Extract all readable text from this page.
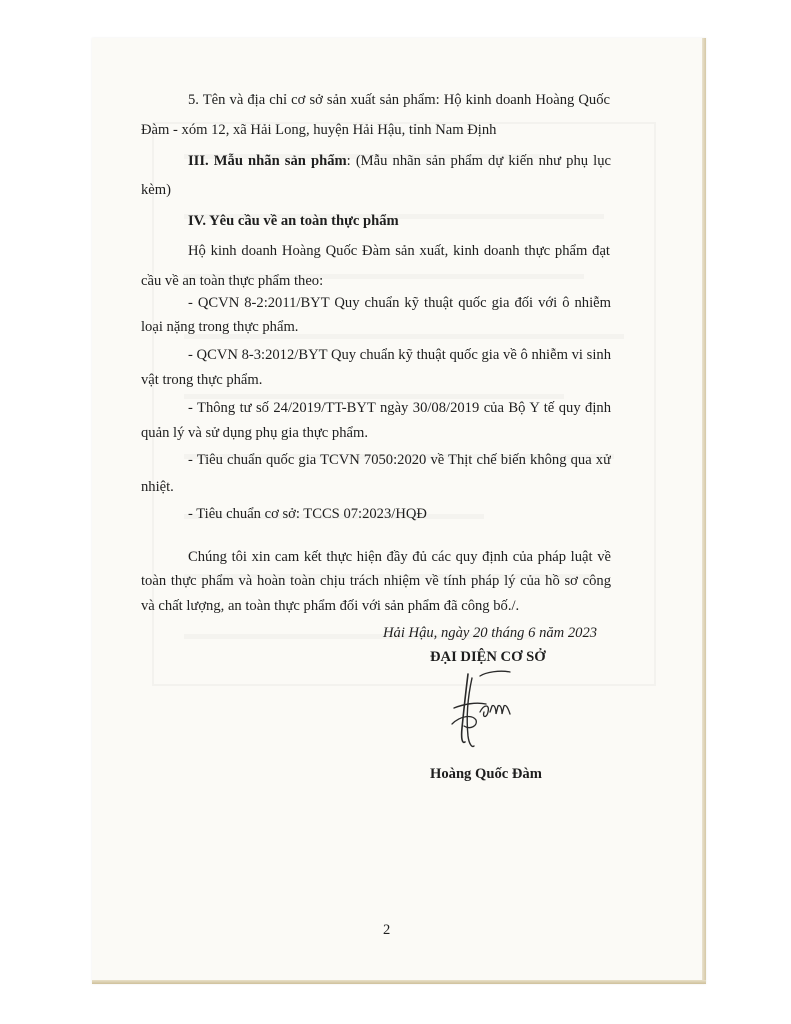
5. Tên và địa chỉ cơ sở sản xuất sản phẩm: Hộ kinh doanh Hoàng Quốc
Đàm - xóm 12, xã Hải Long, huyện Hải Hậu, tỉnh Nam Định
III. Mẫu nhãn sản phẩm: (Mẫu nhãn sản phẩm dự kiến như phụ lục
kèm)
IV. Yêu cầu về an toàn thực phẩm
Hộ kinh doanh Hoàng Quốc Đàm sản xuất, kinh doanh thực phẩm đạt
cầu về an toàn thực phẩm theo:
- QCVN 8-2:2011/BYT Quy chuẩn kỹ thuật quốc gia đối với ô nhiễm
loại nặng trong thực phẩm.
- QCVN 8-3:2012/BYT Quy chuẩn kỹ thuật quốc gia về ô nhiễm vi sinh
vật trong thực phẩm.
- Thông tư số 24/2019/TT-BYT ngày 30/08/2019 của Bộ Y tế quy định
quản lý và sử dụng phụ gia thực phẩm.
- Tiêu chuẩn quốc gia TCVN 7050:2020 về Thịt chế biến không qua xử
nhiệt.
- Tiêu chuẩn cơ sở: TCCS 07:2023/HQĐ
Chúng tôi xin cam kết thực hiện đầy đủ các quy định của pháp luật về
toàn thực phẩm và hoàn toàn chịu trách nhiệm về tính pháp lý của hồ sơ công
và chất lượng, an toàn thực phẩm đối với sản phẩm đã công bố./.
Hải Hậu, ngày 20 tháng 6 năm 2023
ĐẠI DIỆN CƠ SỞ
Hoàng Quốc Đàm
2
